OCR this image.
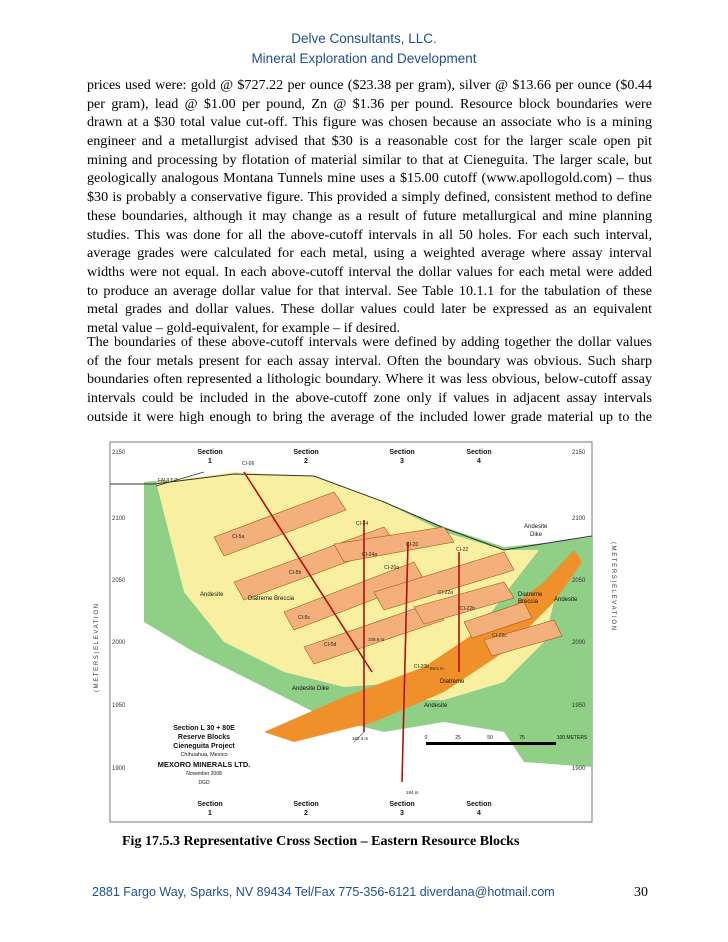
Delve Consultants, LLC.
Mineral Exploration and Development
prices used were: gold @ $727.22 per ounce ($23.38 per gram), silver @ $13.66 per ounce ($0.44
per gram), lead @ $1.00 per pound, Zn @ $1.36 per pound. Resource block boundaries were
drawn at a $30 total value cut-off. This figure was chosen because an associate who is a mining
engineer and a metallurgist advised that $30 is a reasonable cost for the larger scale open pit
mining and processing by flotation of material similar to that at Cieneguita. The larger scale, but
geologically analogous Montana Tunnels mine uses a $15.00 cutoff (www.apollogold.com) – thus
$30 is probably a conservative figure. This provided a simply defined, consistent method to define
these boundaries, although it may change as a result of future metallurgical and mine planning
studies. This was done for all the above-cutoff intervals in all 50 holes. For each such interval,
average grades were calculated for each metal, using a weighted average where assay interval
widths were not equal. In each above-cutoff interval the dollar values for each metal were added
to produce an average dollar value for that interval. See Table 10.1.1 for the tabulation of these
metal grades and dollar values. These dollar values could later be expressed as an equivalent
metal value – gold-equivalent, for example – if desired.
The boundaries of these above-cutoff intervals were defined by adding together the dollar values
of the four metals present for each assay interval. Often the boundary was obvious. Such sharp
boundaries often represented a lithologic boundary. Where it was less obvious, below-cutoff assay
intervals could be included in the above-cutoff zone only if values in adjacent assay intervals
outside it were high enough to bring the average of the included lower grade material up to the
2150
2100
2050
2000
1950
1900
2150
2100
2050
2000
1950
1900
( M E T E R S ) E L E V A T I O N
( M E T E R S ) E L E V A T I O N
Section
1
Section
2
Section
3
Section
4
Section
1
Section
2
Section
3
Section
4
FAULT ?
CI-06
CI-24
CI-20
CI-22
CI-5a
CI-24a
CI-20a
CI-5b
CI-22a
CI-22b
CI-5c
CI-5d
CI-22c
CI-20b
109.9 m
89.5 m
162.3 m
184 m
Andesite
Diatreme Breccia
Andesite
Dike
Diatreme
Breccia	Andesite
Diatreme
Andesite Dike
Andesite
Section L 30 + 80E
Reserve Blocks
Cieneguita Project
Chihuahua, Mexico
MEXORO MINERALS LTD.
November 2008
DGD
0	25	50	75	100 METERS
Fig 17.5.3 Representative Cross Section – Eastern Resource Blocks
2881 Fargo Way, Sparks, NV 89434 Tel/Fax 775-356-6121 diverdana@hotmail.com	30
